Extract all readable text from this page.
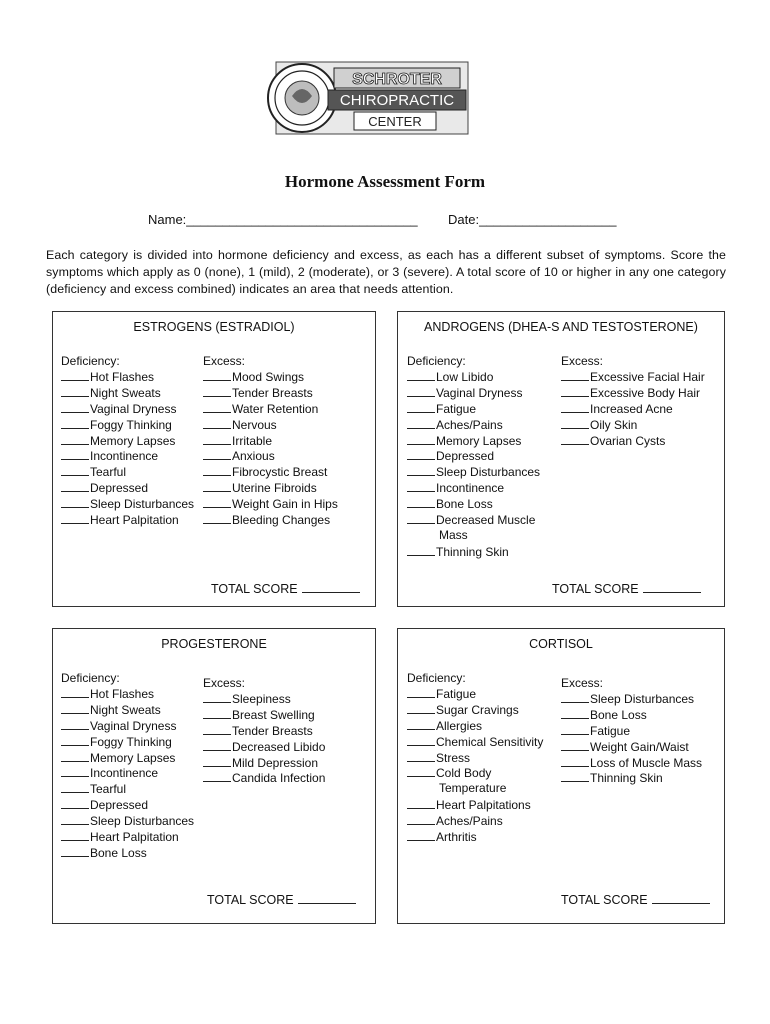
SCHROTER
CHIROPRACTIC
CENTER
Hormone Assessment Form
Name:________________________________ Date:___________________
Each category is divided into hormone deficiency and excess, as each has a different subset of symptoms. Score the symptoms which apply as 0 (none), 1 (mild), 2 (moderate), or 3 (severe). A total score of 10 or higher in any one category (deficiency and excess combined) indicates an area that needs attention.
ESTROGENS (ESTRADIOL)
Deficiency:
Hot Flashes
Night Sweats
Vaginal Dryness
Foggy Thinking
Memory Lapses
Incontinence
Tearful
Depressed
Sleep Disturbances
Heart Palpitation
Excess:
Mood Swings
Tender Breasts
Water Retention
Nervous
Irritable
Anxious
Fibrocystic Breast
Uterine Fibroids
Weight Gain in Hips
Bleeding Changes
TOTAL SCORE
ANDROGENS (DHEA-S AND TESTOSTERONE)
Deficiency:
Low Libido
Vaginal Dryness
Fatigue
Aches/Pains
Memory Lapses
Depressed
Sleep Disturbances
Incontinence
Bone Loss
Decreased Muscle
Mass
Thinning Skin
Excess:
Excessive Facial Hair
Excessive Body Hair
Increased Acne
Oily Skin
Ovarian Cysts
TOTAL SCORE
PROGESTERONE
Deficiency:
Hot Flashes
Night Sweats
Vaginal Dryness
Foggy Thinking
Memory Lapses
Incontinence
Tearful
Depressed
Sleep Disturbances
Heart Palpitation
Bone Loss
Excess:
Sleepiness
Breast Swelling
Tender Breasts
Decreased Libido
Mild Depression
Candida Infection
TOTAL SCORE
CORTISOL
Deficiency:
Fatigue
Sugar Cravings
Allergies
Chemical Sensitivity
Stress
Cold Body
Temperature
Heart Palpitations
Aches/Pains
Arthritis
Excess:
Sleep Disturbances
Bone Loss
Fatigue
Weight Gain/Waist
Loss of Muscle Mass
Thinning Skin
TOTAL SCORE
